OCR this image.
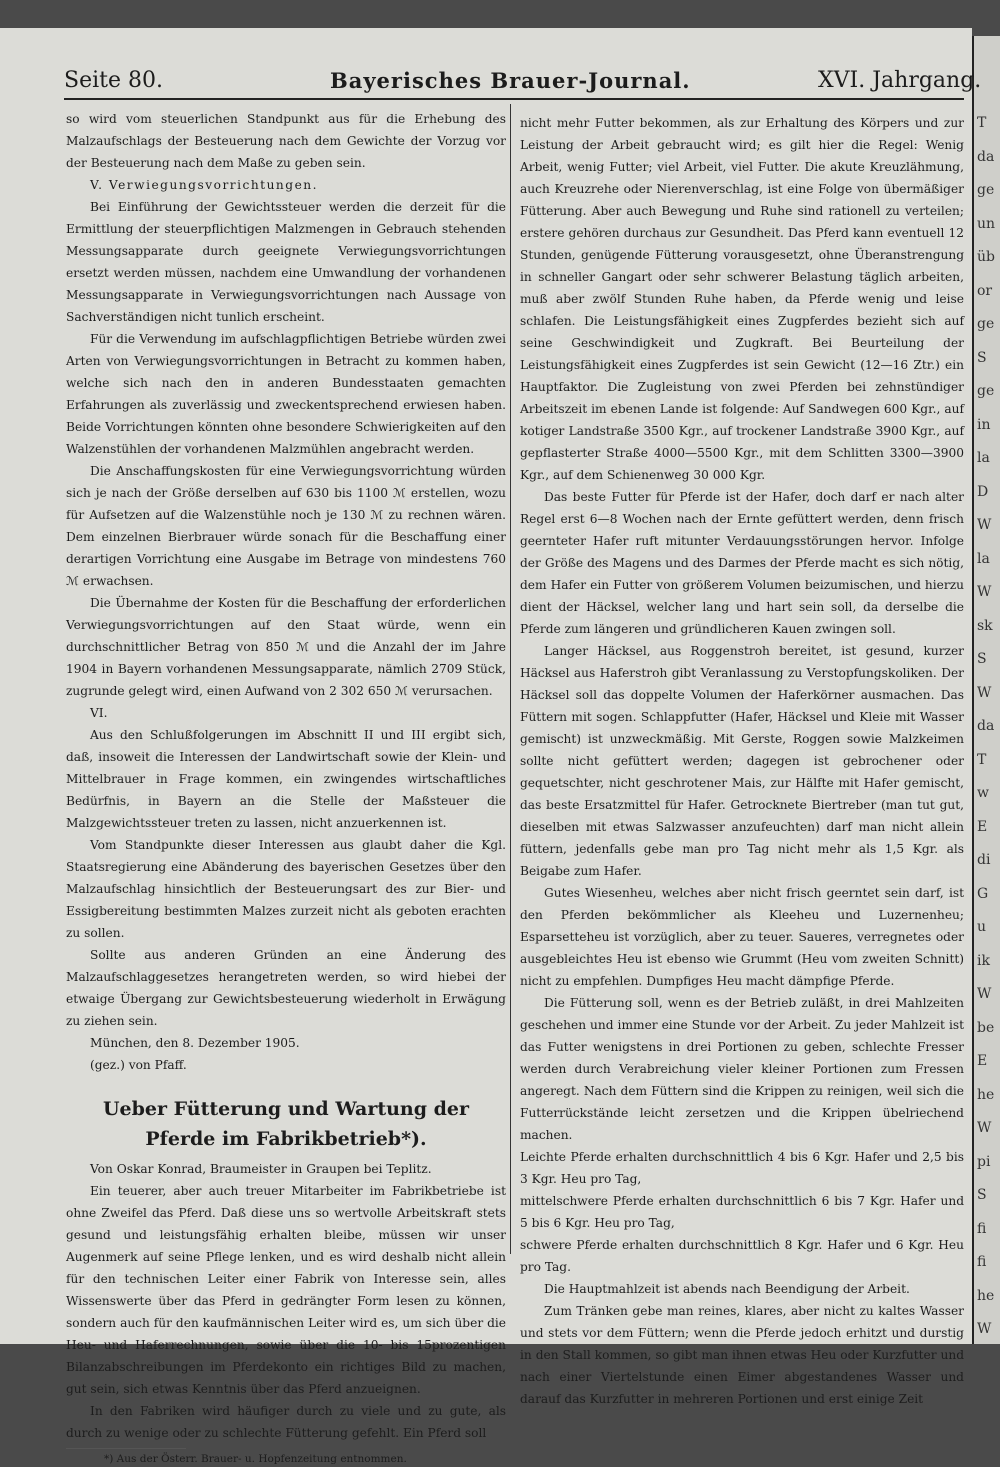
T
da
ge
un
üb
or
ge
S
ge
in
la
D
W
la
W
sk
S
W
da
T
w
E
di
G
u
ik
W
be
E
he
W
pi
S
fi
fi
he
W
Seite 80.	Bayerisches Brauer-Journal.	XVI. Jahrgang.

so wird vom steuerlichen Standpunkt aus für die Erhebung des Malzaufschlags der Besteuerung nach dem Gewichte der Vorzug vor der Besteuerung nach dem Maße zu geben sein.

V. Verwiegungsvorrichtungen.

Bei Einführung der Gewichtssteuer werden die derzeit für die Ermittlung der steuerpflichtigen Malzmengen in Gebrauch stehenden Messungsapparate durch geeignete Verwiegungsvorrichtungen ersetzt werden müssen, nachdem eine Umwandlung der vorhandenen Messungsapparate in Verwiegungsvorrichtungen nach Aussage von Sachverständigen nicht tunlich erscheint.

Für die Verwendung im aufschlagpflichtigen Betriebe würden zwei Arten von Verwiegungsvorrichtungen in Betracht zu kommen haben, welche sich nach den in anderen Bundesstaaten gemachten Erfahrungen als zuverlässig und zweckentsprechend erwiesen haben. Beide Vorrichtungen könnten ohne besondere Schwierigkeiten auf den Walzenstühlen der vorhandenen Malzmühlen angebracht werden.

Die Anschaffungskosten für eine Verwiegungsvorrichtung würden sich je nach der Größe derselben auf 630 bis 1100 ℳ erstellen, wozu für Aufsetzen auf die Walzenstühle noch je 130 ℳ zu rechnen wären. Dem einzelnen Bierbrauer würde sonach für die Beschaffung einer derartigen Vorrichtung eine Ausgabe im Betrage von mindestens 760 ℳ erwachsen.

Die Übernahme der Kosten für die Beschaffung der erforderlichen Verwiegungsvorrichtungen auf den Staat würde, wenn ein durchschnittlicher Betrag von 850 ℳ und die Anzahl der im Jahre 1904 in Bayern vorhandenen Messungsapparate, nämlich 2709 Stück, zugrunde gelegt wird, einen Aufwand von 2 302 650 ℳ verursachen.

VI.

Aus den Schlußfolgerungen im Abschnitt II und III ergibt sich, daß, insoweit die Interessen der Landwirtschaft sowie der Klein- und Mittelbrauer in Frage kommen, ein zwingendes wirtschaftliches Bedürfnis, in Bayern an die Stelle der Maßsteuer die Malzgewichtssteuer treten zu lassen, nicht anzuerkennen ist.

Vom Standpunkte dieser Interessen aus glaubt daher die Kgl. Staatsregierung eine Abänderung des bayerischen Gesetzes über den Malzaufschlag hinsichtlich der Besteuerungsart des zur Bier- und Essigbereitung bestimmten Malzes zurzeit nicht als geboten erachten zu sollen.

Sollte aus anderen Gründen an eine Änderung des Malzaufschlaggesetzes herangetreten werden, so wird hiebei der etwaige Übergang zur Gewichtsbesteuerung wiederholt in Erwägung zu ziehen sein.

München, den 8. Dezember 1905.

(gez.) von Pfaff.

Ueber Fütterung und Wartung der Pferde im Fabrikbetrieb*).

Von Oskar Konrad, Braumeister in Graupen bei Teplitz.

Ein teuerer, aber auch treuer Mitarbeiter im Fabrikbetriebe ist ohne Zweifel das Pferd. Daß diese uns so wertvolle Arbeitskraft stets gesund und leistungsfähig erhalten bleibe, müssen wir unser Augenmerk auf seine Pflege lenken, und es wird deshalb nicht allein für den technischen Leiter einer Fabrik von Interesse sein, alles Wissenswerte über das Pferd in gedrängter Form lesen zu können, sondern auch für den kaufmännischen Leiter wird es, um sich über die Heu- und Haferrechnungen, sowie über die 10- bis 15prozentigen Bilanzabschreibungen im Pferdekonto ein richtiges Bild zu machen, gut sein, sich etwas Kenntnis über das Pferd anzueignen.

In den Fabriken wird häufiger durch zu viele und zu gute, als durch zu wenige oder zu schlechte Fütterung gefehlt. Ein Pferd soll

*) Aus der Österr. Brauer- u. Hopfenzeitung entnommen.

nicht mehr Futter bekommen, als zur Erhaltung des Körpers und zur Leistung der Arbeit gebraucht wird; es gilt hier die Regel: Wenig Arbeit, wenig Futter; viel Arbeit, viel Futter. Die akute Kreuzlähmung, auch Kreuzrehe oder Nierenverschlag, ist eine Folge von übermäßiger Fütterung. Aber auch Bewegung und Ruhe sind rationell zu verteilen; erstere gehören durchaus zur Gesundheit. Das Pferd kann eventuell 12 Stunden, genügende Fütterung vorausgesetzt, ohne Überanstrengung in schneller Gangart oder sehr schwerer Belastung täglich arbeiten, muß aber zwölf Stunden Ruhe haben, da Pferde wenig und leise schlafen. Die Leistungsfähigkeit eines Zugpferdes bezieht sich auf seine Geschwindigkeit und Zugkraft. Bei Beurteilung der Leistungsfähigkeit eines Zugpferdes ist sein Gewicht (12—16 Ztr.) ein Hauptfaktor. Die Zugleistung von zwei Pferden bei zehnstündiger Arbeitszeit im ebenen Lande ist folgende: Auf Sandwegen 600 Kgr., auf kotiger Landstraße 3500 Kgr., auf trockener Landstraße 3900 Kgr., auf gepflasterter Straße 4000—5500 Kgr., mit dem Schlitten 3300—3900 Kgr., auf dem Schienenweg 30 000 Kgr.

Das beste Futter für Pferde ist der Hafer, doch darf er nach alter Regel erst 6—8 Wochen nach der Ernte gefüttert werden, denn frisch geernteter Hafer ruft mitunter Verdauungsstörungen hervor. Infolge der Größe des Magens und des Darmes der Pferde macht es sich nötig, dem Hafer ein Futter von größerem Volumen beizumischen, und hierzu dient der Häcksel, welcher lang und hart sein soll, da derselbe die Pferde zum längeren und gründlicheren Kauen zwingen soll.

Langer Häcksel, aus Roggenstroh bereitet, ist gesund, kurzer Häcksel aus Haferstroh gibt Veranlassung zu Verstopfungskoliken. Der Häcksel soll das doppelte Volumen der Haferkörner ausmachen. Das Füttern mit sogen. Schlappfutter (Hafer, Häcksel und Kleie mit Wasser gemischt) ist unzweckmäßig. Mit Gerste, Roggen sowie Malzkeimen sollte nicht gefüttert werden; dagegen ist gebrochener oder gequetschter, nicht geschrotener Mais, zur Hälfte mit Hafer gemischt, das beste Ersatzmittel für Hafer. Getrocknete Biertreber (man tut gut, dieselben mit etwas Salzwasser anzufeuchten) darf man nicht allein füttern, jedenfalls gebe man pro Tag nicht mehr als 1,5 Kgr. als Beigabe zum Hafer.

Gutes Wiesenheu, welches aber nicht frisch geerntet sein darf, ist den Pferden bekömmlicher als Kleeheu und Luzernenheu; Esparsetteheu ist vorzüglich, aber zu teuer. Saueres, verregnetes oder ausgebleichtes Heu ist ebenso wie Grummt (Heu vom zweiten Schnitt) nicht zu empfehlen. Dumpfiges Heu macht dämpfige Pferde.

Die Fütterung soll, wenn es der Betrieb zuläßt, in drei Mahlzeiten geschehen und immer eine Stunde vor der Arbeit. Zu jeder Mahlzeit ist das Futter wenigstens in drei Portionen zu geben, schlechte Fresser werden durch Verabreichung vieler kleiner Portionen zum Fressen angeregt. Nach dem Füttern sind die Krippen zu reinigen, weil sich die Futterrückstände leicht zersetzen und die Krippen übelriechend machen.

Leichte Pferde erhalten durchschnittlich 4 bis 6 Kgr. Hafer und 2,5 bis 3 Kgr. Heu pro Tag,

mittelschwere Pferde erhalten durchschnittlich 6 bis 7 Kgr. Hafer und 5 bis 6 Kgr. Heu pro Tag,

schwere Pferde erhalten durchschnittlich 8 Kgr. Hafer und 6 Kgr. Heu pro Tag.

Die Hauptmahlzeit ist abends nach Beendigung der Arbeit.

Zum Tränken gebe man reines, klares, aber nicht zu kaltes Wasser und stets vor dem Füttern; wenn die Pferde jedoch erhitzt und durstig in den Stall kommen, so gibt man ihnen etwas Heu oder Kurzfutter und nach einer Viertelstunde einen Eimer abgestandenes Wasser und darauf das Kurzfutter in mehreren Portionen und erst einige Zeit
